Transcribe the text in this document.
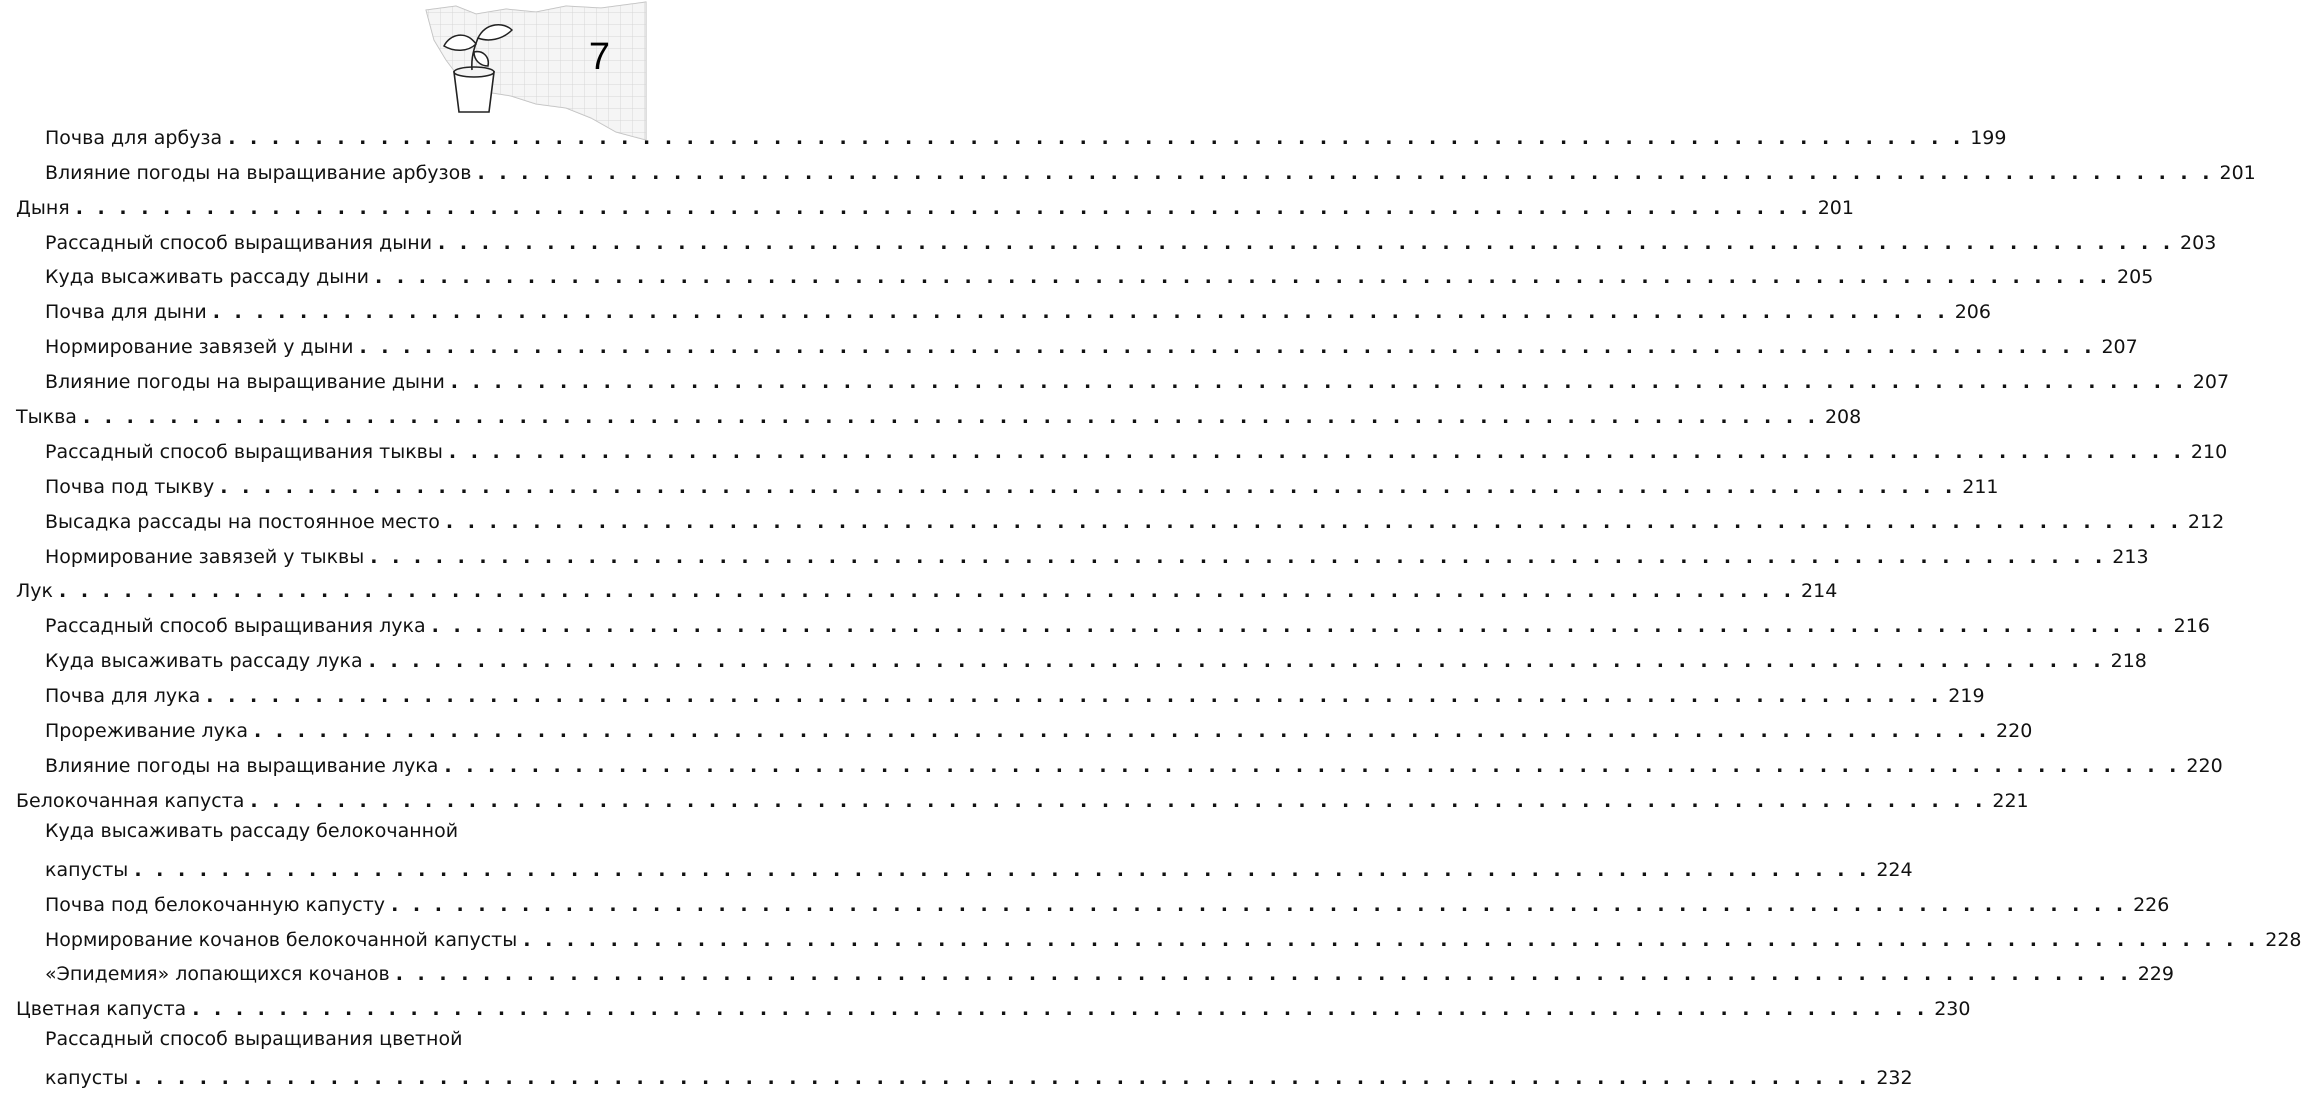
7
Почва для арбуза . . . . . . . . . . . . . . . . . . . . . . . . . . . . . . . . . . . . . . . . . . . . . . . . . . . . . . . . . . . . . . . . . . . . . . . . . . . . . . . . 199
Влияние погоды на выращивание арбузов . . . . . . . . . . . . . . . . . . . . . . . . . . . . . . . . . . . . . . . . . . . . . . . . . . . . . . . . . . . . . . . . . . . . . . . . . . . . . . . . 201
Дыня . . . . . . . . . . . . . . . . . . . . . . . . . . . . . . . . . . . . . . . . . . . . . . . . . . . . . . . . . . . . . . . . . . . . . . . . . . . . . . . . 201
Рассадный способ выращивания дыни . . . . . . . . . . . . . . . . . . . . . . . . . . . . . . . . . . . . . . . . . . . . . . . . . . . . . . . . . . . . . . . . . . . . . . . . . . . . . . . . 203
Куда высаживать рассаду дыни . . . . . . . . . . . . . . . . . . . . . . . . . . . . . . . . . . . . . . . . . . . . . . . . . . . . . . . . . . . . . . . . . . . . . . . . . . . . . . . . 205
Почва для дыни . . . . . . . . . . . . . . . . . . . . . . . . . . . . . . . . . . . . . . . . . . . . . . . . . . . . . . . . . . . . . . . . . . . . . . . . . . . . . . . . 206
Нормирование завязей у дыни . . . . . . . . . . . . . . . . . . . . . . . . . . . . . . . . . . . . . . . . . . . . . . . . . . . . . . . . . . . . . . . . . . . . . . . . . . . . . . . . 207
Влияние погоды на выращивание дыни . . . . . . . . . . . . . . . . . . . . . . . . . . . . . . . . . . . . . . . . . . . . . . . . . . . . . . . . . . . . . . . . . . . . . . . . . . . . . . . . 207
Тыква . . . . . . . . . . . . . . . . . . . . . . . . . . . . . . . . . . . . . . . . . . . . . . . . . . . . . . . . . . . . . . . . . . . . . . . . . . . . . . . . 208
Рассадный способ выращивания тыквы . . . . . . . . . . . . . . . . . . . . . . . . . . . . . . . . . . . . . . . . . . . . . . . . . . . . . . . . . . . . . . . . . . . . . . . . . . . . . . . . 210
Почва под тыкву . . . . . . . . . . . . . . . . . . . . . . . . . . . . . . . . . . . . . . . . . . . . . . . . . . . . . . . . . . . . . . . . . . . . . . . . . . . . . . . . 211
Высадка рассады на постоянное место . . . . . . . . . . . . . . . . . . . . . . . . . . . . . . . . . . . . . . . . . . . . . . . . . . . . . . . . . . . . . . . . . . . . . . . . . . . . . . . . 212
Нормирование завязей у тыквы . . . . . . . . . . . . . . . . . . . . . . . . . . . . . . . . . . . . . . . . . . . . . . . . . . . . . . . . . . . . . . . . . . . . . . . . . . . . . . . . 213
Лук . . . . . . . . . . . . . . . . . . . . . . . . . . . . . . . . . . . . . . . . . . . . . . . . . . . . . . . . . . . . . . . . . . . . . . . . . . . . . . . . 214
Рассадный способ выращивания лука . . . . . . . . . . . . . . . . . . . . . . . . . . . . . . . . . . . . . . . . . . . . . . . . . . . . . . . . . . . . . . . . . . . . . . . . . . . . . . . . 216
Куда высаживать рассаду лука . . . . . . . . . . . . . . . . . . . . . . . . . . . . . . . . . . . . . . . . . . . . . . . . . . . . . . . . . . . . . . . . . . . . . . . . . . . . . . . . 218
Почва для лука . . . . . . . . . . . . . . . . . . . . . . . . . . . . . . . . . . . . . . . . . . . . . . . . . . . . . . . . . . . . . . . . . . . . . . . . . . . . . . . . 219
Прореживание лука . . . . . . . . . . . . . . . . . . . . . . . . . . . . . . . . . . . . . . . . . . . . . . . . . . . . . . . . . . . . . . . . . . . . . . . . . . . . . . . . 220
Влияние погоды на выращивание лука . . . . . . . . . . . . . . . . . . . . . . . . . . . . . . . . . . . . . . . . . . . . . . . . . . . . . . . . . . . . . . . . . . . . . . . . . . . . . . . . 220
Белокочанная капуста . . . . . . . . . . . . . . . . . . . . . . . . . . . . . . . . . . . . . . . . . . . . . . . . . . . . . . . . . . . . . . . . . . . . . . . . . . . . . . . . 221
Куда высаживать рассаду белокочанной
капусты . . . . . . . . . . . . . . . . . . . . . . . . . . . . . . . . . . . . . . . . . . . . . . . . . . . . . . . . . . . . . . . . . . . . . . . . . . . . . . . . 224
Почва под белокочанную капусту . . . . . . . . . . . . . . . . . . . . . . . . . . . . . . . . . . . . . . . . . . . . . . . . . . . . . . . . . . . . . . . . . . . . . . . . . . . . . . . . 226
Нормирование кочанов белокочанной капусты . . . . . . . . . . . . . . . . . . . . . . . . . . . . . . . . . . . . . . . . . . . . . . . . . . . . . . . . . . . . . . . . . . . . . . . . . . . . . . . . 228
«Эпидемия» лопающихся кочанов . . . . . . . . . . . . . . . . . . . . . . . . . . . . . . . . . . . . . . . . . . . . . . . . . . . . . . . . . . . . . . . . . . . . . . . . . . . . . . . . 229
Цветная капуста . . . . . . . . . . . . . . . . . . . . . . . . . . . . . . . . . . . . . . . . . . . . . . . . . . . . . . . . . . . . . . . . . . . . . . . . . . . . . . . . 230
Рассадный способ выращивания цветной
капусты . . . . . . . . . . . . . . . . . . . . . . . . . . . . . . . . . . . . . . . . . . . . . . . . . . . . . . . . . . . . . . . . . . . . . . . . . . . . . . . . 232
